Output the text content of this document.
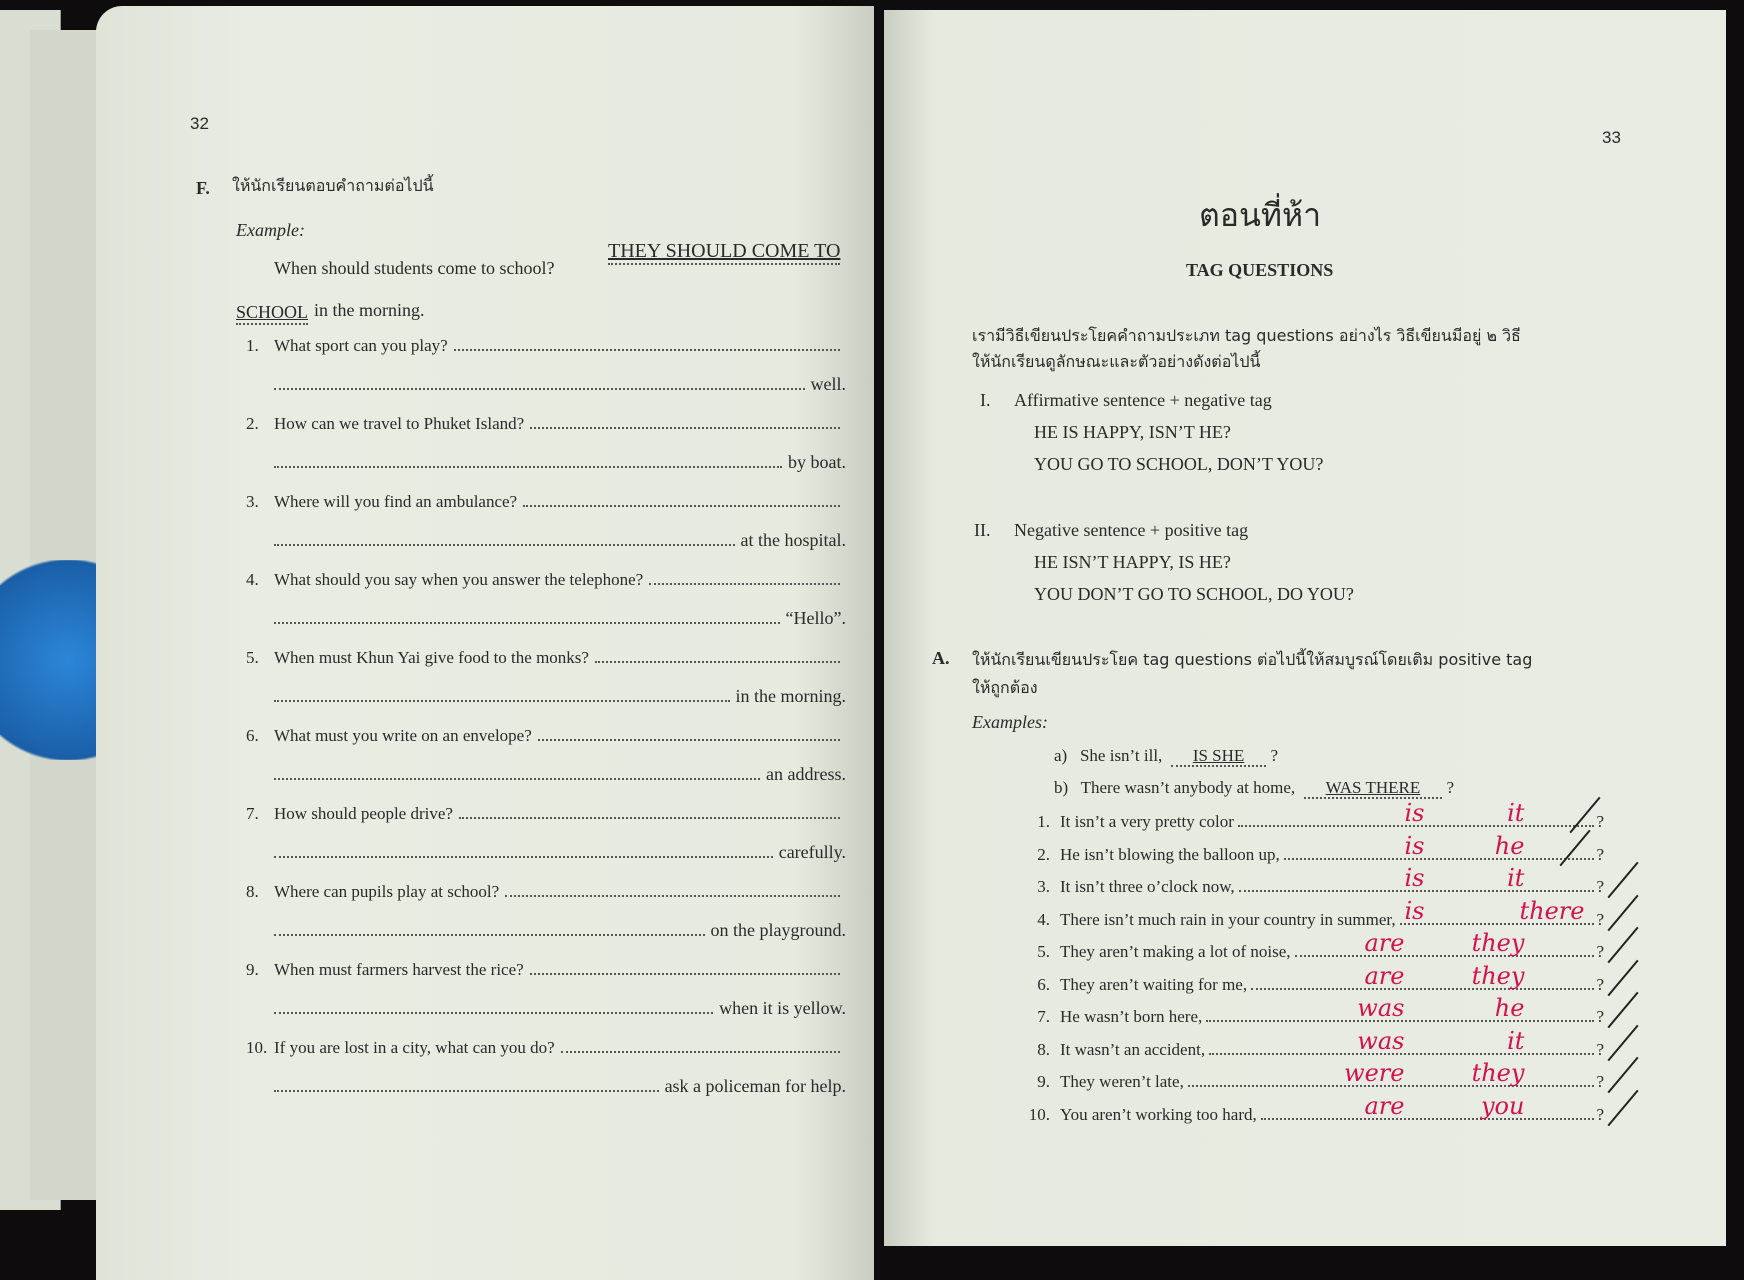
32
F. ให้นักเรียนตอบคำถามต่อไปนี้
Example:
When should students come to school?
THEY SHOULD COME TO
SCHOOL in the morning.
1. What sport can you play?
well.
2. How can we travel to Phuket Island?
by boat.
3. Where will you find an ambulance?
at the hospital.
4. What should you say when you answer the telephone?
“Hello”.
5. When must Khun Yai give food to the monks?
in the morning.
6. What must you write on an envelope?
an address.
7. How should people drive?
carefully.
8. Where can pupils play at school?
on the playground.
9. When must farmers harvest the rice?
when it is yellow.
10. If you are lost in a city, what can you do?
ask a policeman for help.
33
ตอนที่ห้า
TAG QUESTIONS
เรามีวิธีเขียนประโยคคำถามประเภท tag questions อย่างไร วิธีเขียนมีอยู่ ๒ วิธี
ให้นักเรียนดูลักษณะและตัวอย่างดังต่อไปนี้
I. Affirmative sentence + negative tag
HE IS HAPPY, ISN’T HE?
YOU GO TO SCHOOL, DON’T YOU?
II. Negative sentence + positive tag
HE ISN’T HAPPY, IS HE?
YOU DON’T GO TO SCHOOL, DO YOU?
A. ให้นักเรียนเขียนประโยค tag questions ต่อไปนี้ให้สมบูรณ์โดยเติม positive tag
ให้ถูกต้อง
Examples:
a) She isn’t ill, IS SHE ?
b) There wasn’t anybody at home, WAS THERE ?
1. It isn’t a very pretty color	is	it	?
2. He isn’t blowing the balloon up,	is	he	?
3. It isn’t three o’clock now,	is	it	?
4. There isn’t much rain in your country in summer, is	there ?
5. They aren’t making a lot of noise,	are	they	?
6. They aren’t waiting for me,	are	they	?
7. He wasn’t born here,	was	he	?
8. It wasn’t an accident,	was	it	?
9. They weren’t late,	were	they	?
10. You aren’t working too hard,	are	you	?
